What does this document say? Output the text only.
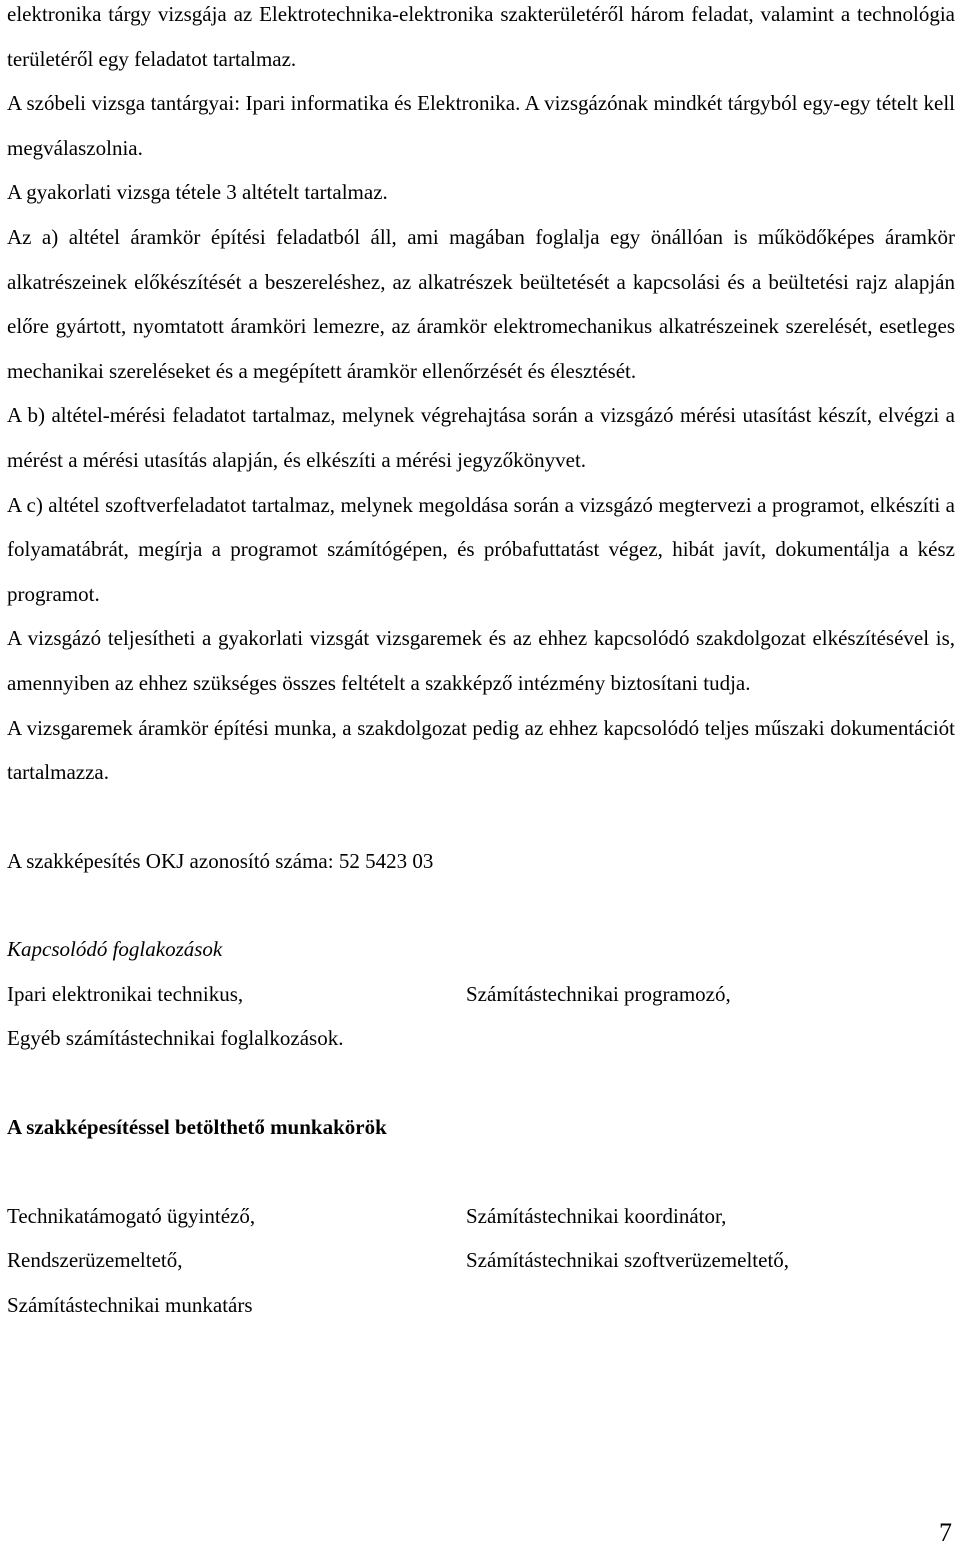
elektronika tárgy vizsgája az Elektrotechnika-elektronika szakterületéről három feladat, valamint a technológia területéről egy feladatot tartalmaz.

A szóbeli vizsga tantárgyai: Ipari informatika és Elektronika. A vizsgázónak mindkét tárgyból egy-egy tételt kell megválaszolnia.

A gyakorlati vizsga tétele 3 altételt tartalmaz.

Az a) altétel áramkör építési feladatból áll, ami magában foglalja egy önállóan is működőképes áramkör alkatrészeinek előkészítését a beszereléshez, az alkatrészek beültetését a kapcsolási és a beültetési rajz alapján előre gyártott, nyomtatott áramköri lemezre, az áramkör elektromechanikus alkatrészeinek szerelését, esetleges mechanikai szereléseket és a megépített áramkör ellenőrzését és élesztését.

A b) altétel-mérési feladatot tartalmaz, melynek végrehajtása során a vizsgázó mérési utasítást készít, elvégzi a mérést a mérési utasítás alapján, és elkészíti a mérési jegyzőkönyvet.

A c) altétel szoftverfeladatot tartalmaz, melynek megoldása során a vizsgázó megtervezi a programot, elkészíti a folyamatábrát, megírja a programot számítógépen, és próbafuttatást végez, hibát javít, dokumentálja a kész programot.

A vizsgázó teljesítheti a gyakorlati vizsgát vizsgaremek és az ehhez kapcsolódó szakdolgozat elkészítésével is, amennyiben az ehhez szükséges összes feltételt a szakképző intézmény biztosítani tudja.

A vizsgaremek áramkör építési munka, a szakdolgozat pedig az ehhez kapcsolódó teljes műszaki dokumentációt tartalmazza.

A szakképesítés OKJ azonosító száma: 52 5423 03

Kapcsolódó foglakozások

Ipari elektronikai technikus,	Számítástechnikai programozó,
Egyéb számítástechnikai foglalkozások.

A szakképesítéssel betölthető munkakörök

Technikatámogató ügyintéző,	Számítástechnikai koordinátor,
Rendszerüzemeltető,	Számítástechnikai szoftverüzemeltető,
Számítástechnikai munkatárs
7
